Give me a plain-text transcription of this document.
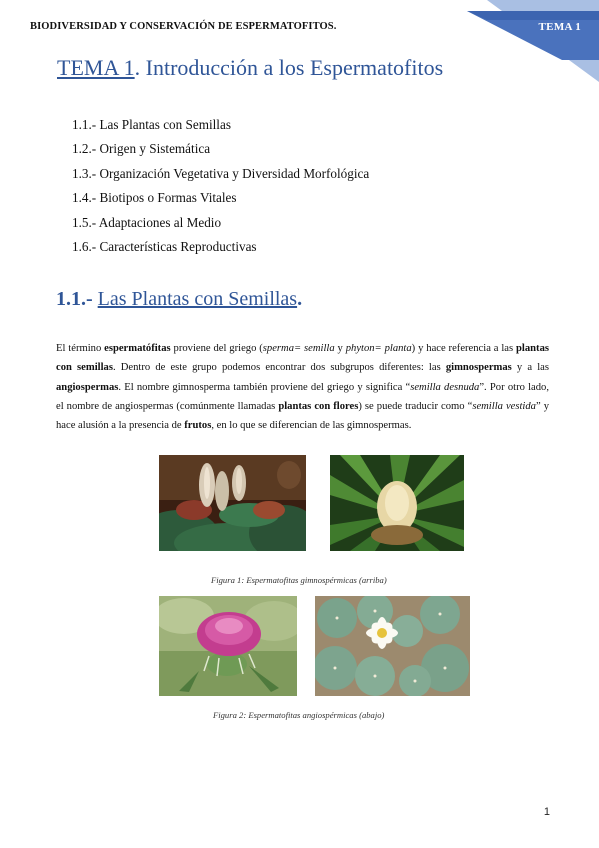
BIODIVERSIDAD Y CONSERVACIÓN DE ESPERMATOFITOS.	TEMA 1
TEMA 1. Introducción a los Espermatofitos
1.1.- Las Plantas con Semillas
1.2.- Origen y Sistemática
1.3.- Organización Vegetativa y Diversidad Morfológica
1.4.- Biotipos o Formas Vitales
1.5.- Adaptaciones al Medio
1.6.- Características Reproductivas
1.1.- Las Plantas con Semillas.

El término espermatófitas proviene del griego (sperma= semilla y phyton= planta) y hace referencia a las plantas con semillas. Dentro de este grupo podemos encontrar dos subgrupos diferentes: las gimnospermas y a las angiospermas. El nombre gimnosperma también proviene del griego y significa “semilla desnuda”. Por otro lado, el nombre de angiospermas (comúnmente llamadas plantas con flores) se puede traducir como “semilla vestida” y hace alusión a la presencia de frutos, en lo que se diferencian de las gimnospermas.

Figura 1: Espermatofitas gimnospérmicas (arriba)
Figura 2: Espermatofitas angiospérmicas (abajo)
1
